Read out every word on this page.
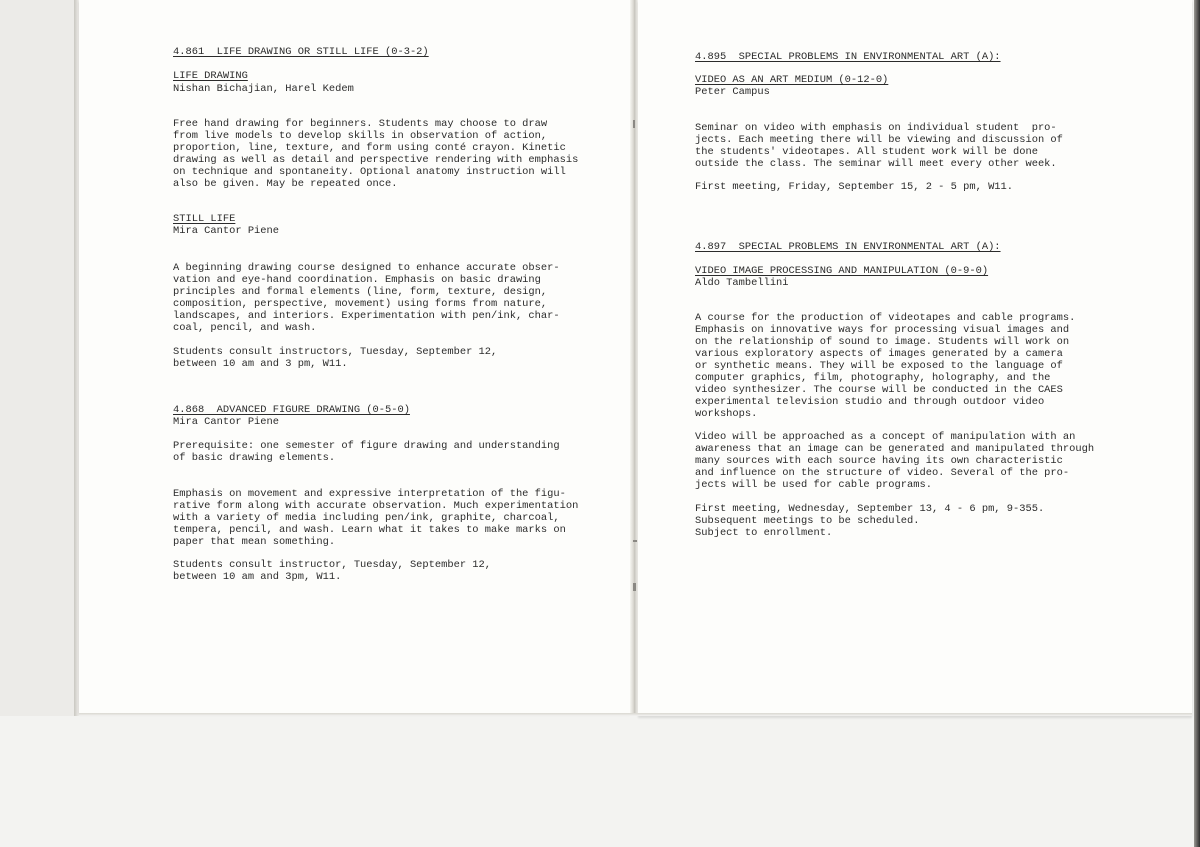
4.861  LIFE DRAWING OR STILL LIFE (0-3-2)

LIFE DRAWING

Nishan Bichajian, Harel Kedem

Free hand drawing for beginners. Students may choose to draw
from live models to develop skills in observation of action,
proportion, line, texture, and form using conté crayon. Kinetic
drawing as well as detail and perspective rendering with emphasis
on technique and spontaneity. Optional anatomy instruction will
also be given. May be repeated once.

STILL LIFE

Mira Cantor Piene

A beginning drawing course designed to enhance accurate obser-
vation and eye-hand coordination. Emphasis on basic drawing
principles and formal elements (line, form, texture, design,
composition, perspective, movement) using forms from nature,
landscapes, and interiors. Experimentation with pen/ink, char-
coal, pencil, and wash.

Students consult instructors, Tuesday, September 12,
between 10 am and 3 pm, W11.

4.868  ADVANCED FIGURE DRAWING (0-5-0)

Mira Cantor Piene

Prerequisite: one semester of figure drawing and understanding
of basic drawing elements.

Emphasis on movement and expressive interpretation of the figu-
rative form along with accurate observation. Much experimentation
with a variety of media including pen/ink, graphite, charcoal,
tempera, pencil, and wash. Learn what it takes to make marks on
paper that mean something.

Students consult instructor, Tuesday, September 12,
between 10 am and 3pm, W11.

4.895  SPECIAL PROBLEMS IN ENVIRONMENTAL ART (A):

VIDEO AS AN ART MEDIUM (0-12-0)

Peter Campus

Seminar on video with emphasis on individual student  pro-
jects. Each meeting there will be viewing and discussion of
the students' videotapes. All student work will be done
outside the class. The seminar will meet every other week.

First meeting, Friday, September 15, 2 - 5 pm, W11.

4.897  SPECIAL PROBLEMS IN ENVIRONMENTAL ART (A):

VIDEO IMAGE PROCESSING AND MANIPULATION (0-9-0)

Aldo Tambellini

A course for the production of videotapes and cable programs.
Emphasis on innovative ways for processing visual images and
on the relationship of sound to image. Students will work on
various exploratory aspects of images generated by a camera
or synthetic means. They will be exposed to the language of
computer graphics, film, photography, holography, and the
video synthesizer. The course will be conducted in the CAES
experimental television studio and through outdoor video
workshops.

Video will be approached as a concept of manipulation with an
awareness that an image can be generated and manipulated through
many sources with each source having its own characteristic
and influence on the structure of video. Several of the pro-
jects will be used for cable programs.

First meeting, Wednesday, September 13, 4 - 6 pm, 9-355.
Subsequent meetings to be scheduled.
Subject to enrollment.
